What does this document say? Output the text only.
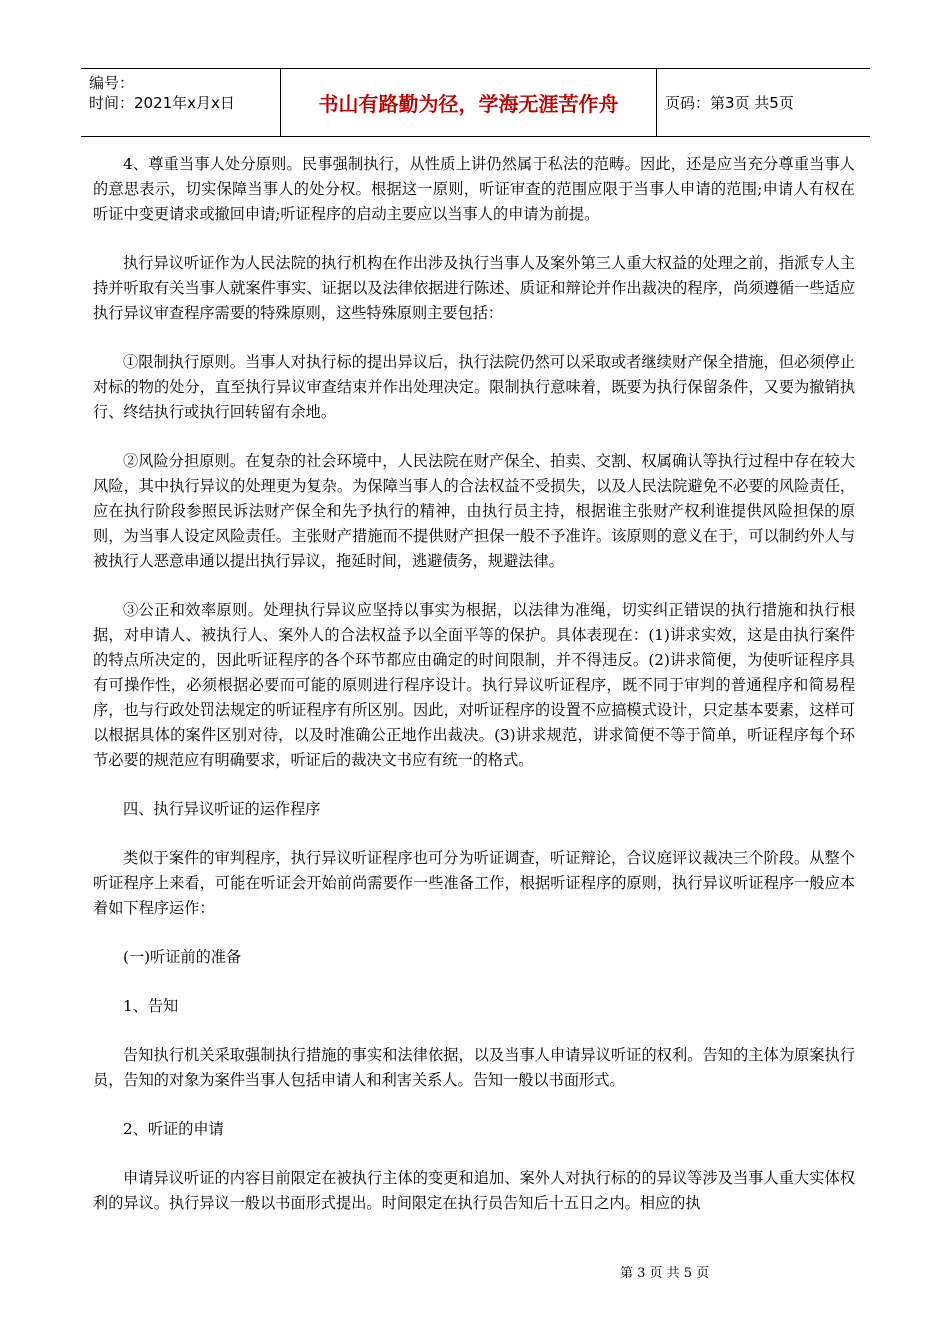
编号：
时间：2021年x月x日	书山有路勤为径，学海无涯苦作舟	页码：第3页 共5页

4、尊重当事人处分原则。民事强制执行，从性质上讲仍然属于私法的范畴。因此，还是应当充分尊重当事人的意思表示，切实保障当事人的处分权。根据这一原则，听证审查的范围应限于当事人申请的范围;申请人有权在听证中变更请求或撤回申请;听证程序的启动主要应以当事人的申请为前提。

执行异议听证作为人民法院的执行机构在作出涉及执行当事人及案外第三人重大权益的处理之前，指派专人主持并听取有关当事人就案件事实、证据以及法律依据进行陈述、质证和辩论并作出裁决的程序，尚须遵循一些适应执行异议审查程序需要的特殊原则，这些特殊原则主要包括：

①限制执行原则。当事人对执行标的提出异议后，执行法院仍然可以采取或者继续财产保全措施，但必须停止对标的物的处分，直至执行异议审查结束并作出处理决定。限制执行意味着，既要为执行保留条件，又要为撤销执行、终结执行或执行回转留有余地。

②风险分担原则。在复杂的社会环境中，人民法院在财产保全、拍卖、交割、权属确认等执行过程中存在较大风险，其中执行异议的处理更为复杂。为保障当事人的合法权益不受损失，以及人民法院避免不必要的风险责任，应在执行阶段参照民诉法财产保全和先予执行的精神，由执行员主持，根据谁主张财产权利谁提供风险担保的原则，为当事人设定风险责任。主张财产措施而不提供财产担保一般不予准许。该原则的意义在于，可以制约外人与被执行人恶意串通以提出执行异议，拖延时间，逃避债务，规避法律。

③公正和效率原则。处理执行异议应坚持以事实为根据，以法律为准绳，切实纠正错误的执行措施和执行根据，对申请人、被执行人、案外人的合法权益予以全面平等的保护。具体表现在：(1)讲求实效，这是由执行案件的特点所决定的，因此听证程序的各个环节都应由确定的时间限制，并不得违反。(2)讲求简便，为使听证程序具有可操作性，必须根据必要而可能的原则进行程序设计。执行异议听证程序，既不同于审判的普通程序和简易程序，也与行政处罚法规定的听证程序有所区别。因此，对听证程序的设置不应搞模式设计，只定基本要素，这样可以根据具体的案件区别对待，以及时准确公正地作出裁决。(3)讲求规范，讲求简便不等于简单，听证程序每个环节必要的规范应有明确要求，听证后的裁决文书应有统一的格式。

四、执行异议听证的运作程序

类似于案件的审判程序，执行异议听证程序也可分为听证调查，听证辩论，合议庭评议裁决三个阶段。从整个听证程序上来看，可能在听证会开始前尚需要作一些准备工作，根据听证程序的原则，执行异议听证程序一般应本着如下程序运作：

(一)听证前的准备

1、告知

告知执行机关采取强制执行措施的事实和法律依据，以及当事人申请异议听证的权利。告知的主体为原案执行员，告知的对象为案件当事人包括申请人和利害关系人。告知一般以书面形式。

2、听证的申请

申请异议听证的内容目前限定在被执行主体的变更和追加、案外人对执行标的的异议等涉及当事人重大实体权利的异议。执行异议一般以书面形式提出。时间限定在执行员告知后十五日之内。相应的执

第 3 页 共 5 页
